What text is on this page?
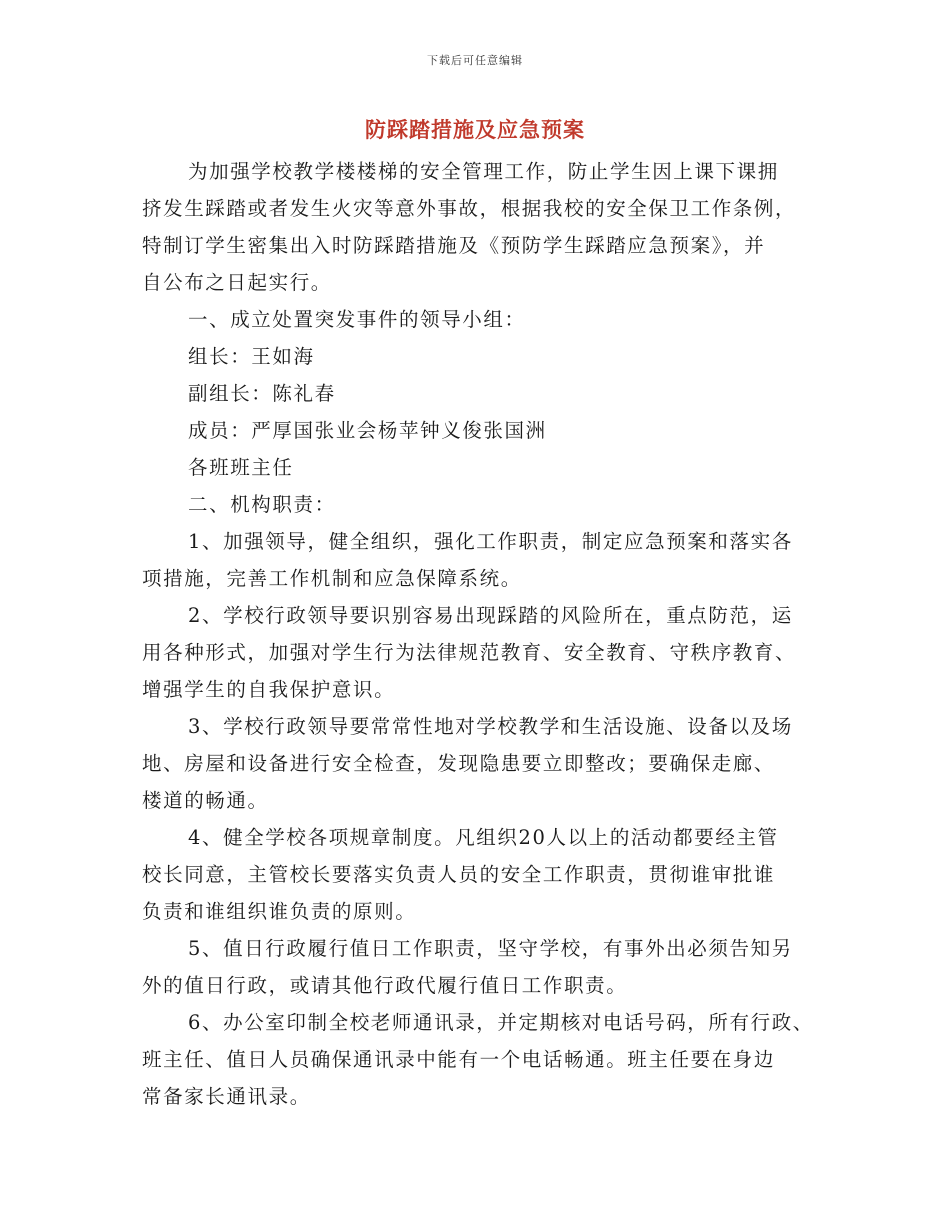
下载后可任意编辑
防踩踏措施及应急预案
为加强学校教学楼楼梯的安全管理工作，防止学生因上课下课拥
挤发生踩踏或者发生火灾等意外事故，根据我校的安全保卫工作条例，
特制订学生密集出入时防踩踏措施及《预防学生踩踏应急预案》，并
自公布之日起实行。
一、成立处置突发事件的领导小组：
组长：王如海
副组长：陈礼春
成员：严厚国张业会杨苹钟义俊张国洲
各班班主任
二、机构职责：
1、加强领导，健全组织，强化工作职责，制定应急预案和落实各
项措施，完善工作机制和应急保障系统。
2、学校行政领导要识别容易出现踩踏的风险所在，重点防范，运
用各种形式，加强对学生行为法律规范教育、安全教育、守秩序教育、
增强学生的自我保护意识。
3、学校行政领导要常常性地对学校教学和生活设施、设备以及场
地、房屋和设备进行安全检查，发现隐患要立即整改；要确保走廊、
楼道的畅通。
4、健全学校各项规章制度。凡组织20人以上的活动都要经主管
校长同意，主管校长要落实负责人员的安全工作职责，贯彻谁审批谁
负责和谁组织谁负责的原则。
5、值日行政履行值日工作职责，坚守学校，有事外出必须告知另
外的值日行政，或请其他行政代履行值日工作职责。
6、办公室印制全校老师通讯录，并定期核对电话号码，所有行政、
班主任、值日人员确保通讯录中能有一个电话畅通。班主任要在身边
常备家长通讯录。
